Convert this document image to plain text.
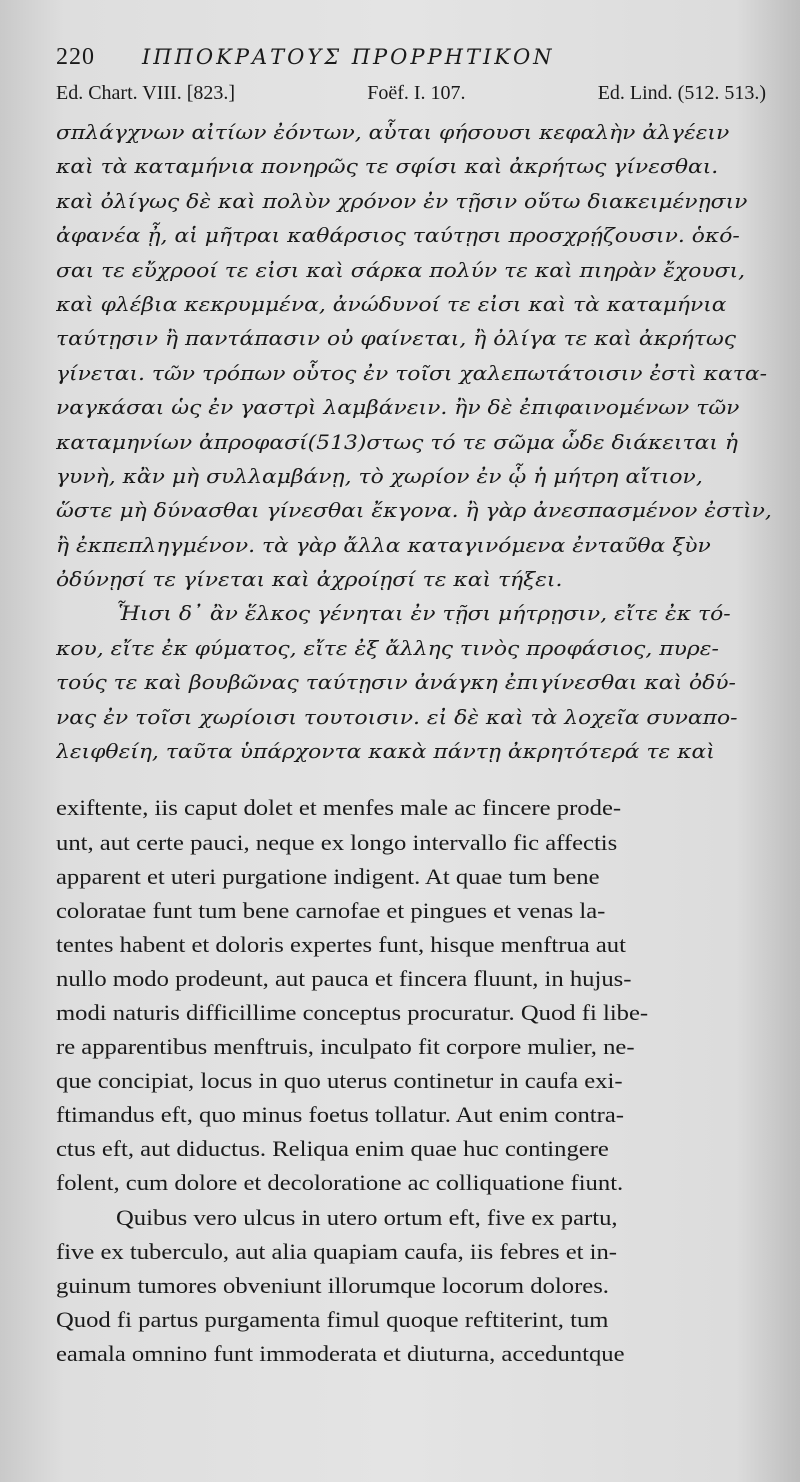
220	ΙΠΠΟΚΡΑΤΟΥΣ ΠΡΟΡΡΗΤΙΚΟΝ
Ed. Chart. VIII. [823.]	Foëf. I. 107.	Ed. Lind. (512. 513.)
σπλάγχνων αἰτίων ἐόντων, αὗται φήσουσι κεφαλὴν ἀλγέειν
καὶ τὰ καταμήνια πονηρῶς τε σφίσι καὶ ἀκρήτως γίνεσθαι.
καὶ ὀλίγως δὲ καὶ πολὺν χρόνον ἐν τῇσιν οὕτω διακειμένῃσιν
ἀφανέα ᾖ, αἱ μῆτραι καθάρσιος ταύτῃσι προσχρῄζουσιν. ὁκό-
σαι τε εὔχροοί τε εἰσι καὶ σάρκα πολύν τε καὶ πιηρὰν ἔχουσι,
καὶ φλέβια κεκρυμμένα, ἀνώδυνοί τε εἰσι καὶ τὰ καταμήνια
ταύτῃσιν ἢ παντάπασιν οὐ φαίνεται, ἢ ὀλίγα τε καὶ ἀκρήτως
γίνεται. τῶν τρόπων οὗτος ἐν τοῖσι χαλεπωτάτοισιν ἐστὶ κατα-
ναγκάσαι ὡς ἐν γαστρὶ λαμβάνειν. ἢν δὲ ἐπιφαινομένων τῶν
καταμηνίων ἀπροφασί(513)στως τό τε σῶμα ὧδε διάκειται ἡ
γυνὴ, κἂν μὴ συλλαμβάνῃ, τὸ χωρίον ἐν ᾧ ἡ μήτρη αἴτιον,
ὥστε μὴ δύνασθαι γίνεσθαι ἔκγονα. ἢ γὰρ ἀνεσπασμένον ἐστὶν,
ἢ ἐκπεπληγμένον. τὰ γὰρ ἄλλα καταγινόμενα ἐνταῦθα ξὺν
ὀδύνῃσί τε γίνεται καὶ ἀχροίῃσί τε καὶ τήξει.
Ἧισι δ᾽ ἂν ἕλκος γένηται ἐν τῇσι μήτρῃσιν, εἴτε ἐκ τό-
κου, εἴτε ἐκ φύματος, εἴτε ἐξ ἄλλης τινὸς προφάσιος, πυρε-
τούς τε καὶ βουβῶνας ταύτῃσιν ἀνάγκη ἐπιγίνεσθαι καὶ ὀδύ-
νας ἐν τοῖσι χωρίοισι τουτοισιν. εἰ δὲ καὶ τὰ λοχεῖα συναπο-
λειφθείη, ταῦτα ὑπάρχοντα κακὰ πάντῃ ἀκρητότερά τε καὶ
exiftente, iis caput dolet et menfes male ac fincere prode-
unt, aut certe pauci, neque ex longo intervallo fic affectis
apparent et uteri purgatione indigent. At quae tum bene
coloratae funt tum bene carnofae et pingues et venas la-
tentes habent et doloris expertes funt, hisque menftrua aut
nullo modo prodeunt, aut pauca et fincera fluunt, in hujus-
modi naturis difficillime conceptus procuratur. Quod fi libe-
re apparentibus menftruis, inculpato fit corpore mulier, ne-
que concipiat, locus in quo uterus continetur in caufa exi-
ftimandus eft, quo minus foetus tollatur. Aut enim contra-
ctus eft, aut diductus. Reliqua enim quae huc contingere
folent, cum dolore et decoloratione ac colliquatione fiunt.
Quibus vero ulcus in utero ortum eft, five ex partu,
five ex tuberculo, aut alia quapiam caufa, iis febres et in-
guinum tumores obveniunt illorumque locorum dolores.
Quod fi partus purgamenta fimul quoque reftiterint, tum
eamala omnino funt immoderata et diuturna, acceduntque
